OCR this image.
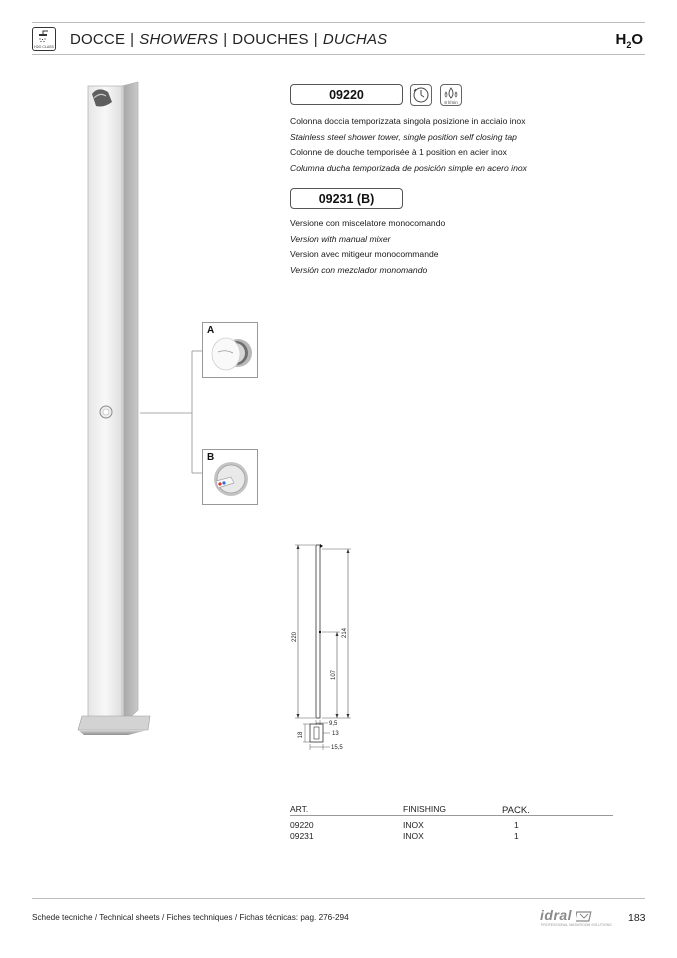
H2O CLASS DOCCE | SHOWERS | DOUCHES | DUCHAS	$H_2O$
A
B
09220
8 l/min
Colonna doccia temporizzata singola posizione in acciaio inox
Stainless steel shower tower, single position self closing tap
Colonne de douche temporisée à 1 position en acier inox
Columna ducha temporizada de posición simple en acero inox
09231 (B)
Versione con miscelatore monocomando
Version with manual mixer
Version avec mitigeur monocommande
Versión con mezclador monomando
220	214
107
9,5
18	13
15,5
ART.	FINISHING	PACK.
09220	INOX	1
09231	INOX	1
Schede tecniche / Technical sheets / Fiches techniques / Fichas técnicas: pag. 276-294	idral
PROFESSIONAL WASHROOM SOLUTIONS
183
